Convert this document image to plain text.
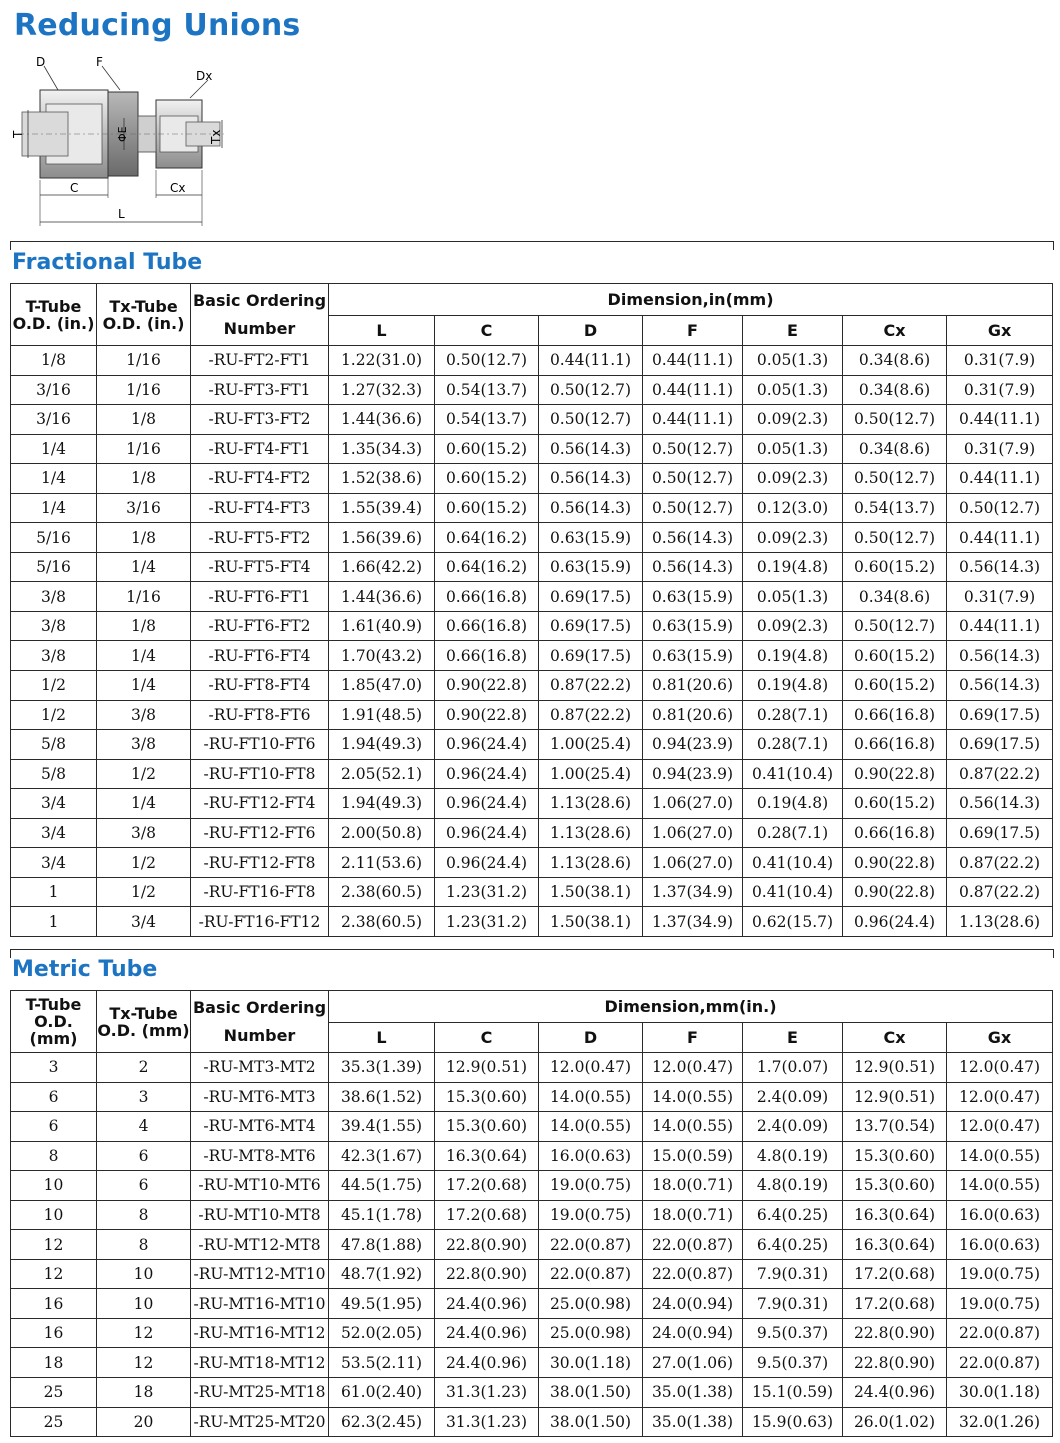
Reducing Unions
D	F
Dx
T	ΦE	Tx
C	Cx
L
Fractional Tube
T-Tube O.D. (in.)	Tx-Tube O.D. (in.)	Basic Ordering Number	Dimension,in(mm)						
			L	C	D	F	E	Cx	Gx
1/8	1/16	-RU-FT2-FT1	1.22(31.0)	0.50(12.7)	0.44(11.1)	0.44(11.1)	0.05(1.3)	0.34(8.6)	0.31(7.9)
3/16	1/16	-RU-FT3-FT1	1.27(32.3)	0.54(13.7)	0.50(12.7)	0.44(11.1)	0.05(1.3)	0.34(8.6)	0.31(7.9)
3/16	1/8	-RU-FT3-FT2	1.44(36.6)	0.54(13.7)	0.50(12.7)	0.44(11.1)	0.09(2.3)	0.50(12.7)	0.44(11.1)
1/4	1/16	-RU-FT4-FT1	1.35(34.3)	0.60(15.2)	0.56(14.3)	0.50(12.7)	0.05(1.3)	0.34(8.6)	0.31(7.9)
1/4	1/8	-RU-FT4-FT2	1.52(38.6)	0.60(15.2)	0.56(14.3)	0.50(12.7)	0.09(2.3)	0.50(12.7)	0.44(11.1)
1/4	3/16	-RU-FT4-FT3	1.55(39.4)	0.60(15.2)	0.56(14.3)	0.50(12.7)	0.12(3.0)	0.54(13.7)	0.50(12.7)
5/16	1/8	-RU-FT5-FT2	1.56(39.6)	0.64(16.2)	0.63(15.9)	0.56(14.3)	0.09(2.3)	0.50(12.7)	0.44(11.1)
5/16	1/4	-RU-FT5-FT4	1.66(42.2)	0.64(16.2)	0.63(15.9)	0.56(14.3)	0.19(4.8)	0.60(15.2)	0.56(14.3)
3/8	1/16	-RU-FT6-FT1	1.44(36.6)	0.66(16.8)	0.69(17.5)	0.63(15.9)	0.05(1.3)	0.34(8.6)	0.31(7.9)
3/8	1/8	-RU-FT6-FT2	1.61(40.9)	0.66(16.8)	0.69(17.5)	0.63(15.9)	0.09(2.3)	0.50(12.7)	0.44(11.1)
3/8	1/4	-RU-FT6-FT4	1.70(43.2)	0.66(16.8)	0.69(17.5)	0.63(15.9)	0.19(4.8)	0.60(15.2)	0.56(14.3)
1/2	1/4	-RU-FT8-FT4	1.85(47.0)	0.90(22.8)	0.87(22.2)	0.81(20.6)	0.19(4.8)	0.60(15.2)	0.56(14.3)
1/2	3/8	-RU-FT8-FT6	1.91(48.5)	0.90(22.8)	0.87(22.2)	0.81(20.6)	0.28(7.1)	0.66(16.8)	0.69(17.5)
5/8	3/8	-RU-FT10-FT6	1.94(49.3)	0.96(24.4)	1.00(25.4)	0.94(23.9)	0.28(7.1)	0.66(16.8)	0.69(17.5)
5/8	1/2	-RU-FT10-FT8	2.05(52.1)	0.96(24.4)	1.00(25.4)	0.94(23.9)	0.41(10.4)	0.90(22.8)	0.87(22.2)
3/4	1/4	-RU-FT12-FT4	1.94(49.3)	0.96(24.4)	1.13(28.6)	1.06(27.0)	0.19(4.8)	0.60(15.2)	0.56(14.3)
3/4	3/8	-RU-FT12-FT6	2.00(50.8)	0.96(24.4)	1.13(28.6)	1.06(27.0)	0.28(7.1)	0.66(16.8)	0.69(17.5)
3/4	1/2	-RU-FT12-FT8	2.11(53.6)	0.96(24.4)	1.13(28.6)	1.06(27.0)	0.41(10.4)	0.90(22.8)	0.87(22.2)
1	1/2	-RU-FT16-FT8	2.38(60.5)	1.23(31.2)	1.50(38.1)	1.37(34.9)	0.41(10.4)	0.90(22.8)	0.87(22.2)
1	3/4	-RU-FT16-FT12	2.38(60.5)	1.23(31.2)	1.50(38.1)	1.37(34.9)	0.62(15.7)	0.96(24.4)	1.13(28.6)
Metric Tube
T-Tube O.D. (mm)	Tx-Tube O.D. (mm)	Basic Ordering Number	Dimension,mm(in.)						
			L	C	D	F	E	Cx	Gx
3	2	-RU-MT3-MT2	35.3(1.39)	12.9(0.51)	12.0(0.47)	12.0(0.47)	1.7(0.07)	12.9(0.51)	12.0(0.47)
6	3	-RU-MT6-MT3	38.6(1.52)	15.3(0.60)	14.0(0.55)	14.0(0.55)	2.4(0.09)	12.9(0.51)	12.0(0.47)
6	4	-RU-MT6-MT4	39.4(1.55)	15.3(0.60)	14.0(0.55)	14.0(0.55)	2.4(0.09)	13.7(0.54)	12.0(0.47)
8	6	-RU-MT8-MT6	42.3(1.67)	16.3(0.64)	16.0(0.63)	15.0(0.59)	4.8(0.19)	15.3(0.60)	14.0(0.55)
10	6	-RU-MT10-MT6	44.5(1.75)	17.2(0.68)	19.0(0.75)	18.0(0.71)	4.8(0.19)	15.3(0.60)	14.0(0.55)
10	8	-RU-MT10-MT8	45.1(1.78)	17.2(0.68)	19.0(0.75)	18.0(0.71)	6.4(0.25)	16.3(0.64)	16.0(0.63)
12	8	-RU-MT12-MT8	47.8(1.88)	22.8(0.90)	22.0(0.87)	22.0(0.87)	6.4(0.25)	16.3(0.64)	16.0(0.63)
12	10	-RU-MT12-MT10	48.7(1.92)	22.8(0.90)	22.0(0.87)	22.0(0.87)	7.9(0.31)	17.2(0.68)	19.0(0.75)
16	10	-RU-MT16-MT10	49.5(1.95)	24.4(0.96)	25.0(0.98)	24.0(0.94)	7.9(0.31)	17.2(0.68)	19.0(0.75)
16	12	-RU-MT16-MT12	52.0(2.05)	24.4(0.96)	25.0(0.98)	24.0(0.94)	9.5(0.37)	22.8(0.90)	22.0(0.87)
18	12	-RU-MT18-MT12	53.5(2.11)	24.4(0.96)	30.0(1.18)	27.0(1.06)	9.5(0.37)	22.8(0.90)	22.0(0.87)
25	18	-RU-MT25-MT18	61.0(2.40)	31.3(1.23)	38.0(1.50)	35.0(1.38)	15.1(0.59)	24.4(0.96)	30.0(1.18)
25	20	-RU-MT25-MT20	62.3(2.45)	31.3(1.23)	38.0(1.50)	35.0(1.38)	15.9(0.63)	26.0(1.02)	32.0(1.26)
